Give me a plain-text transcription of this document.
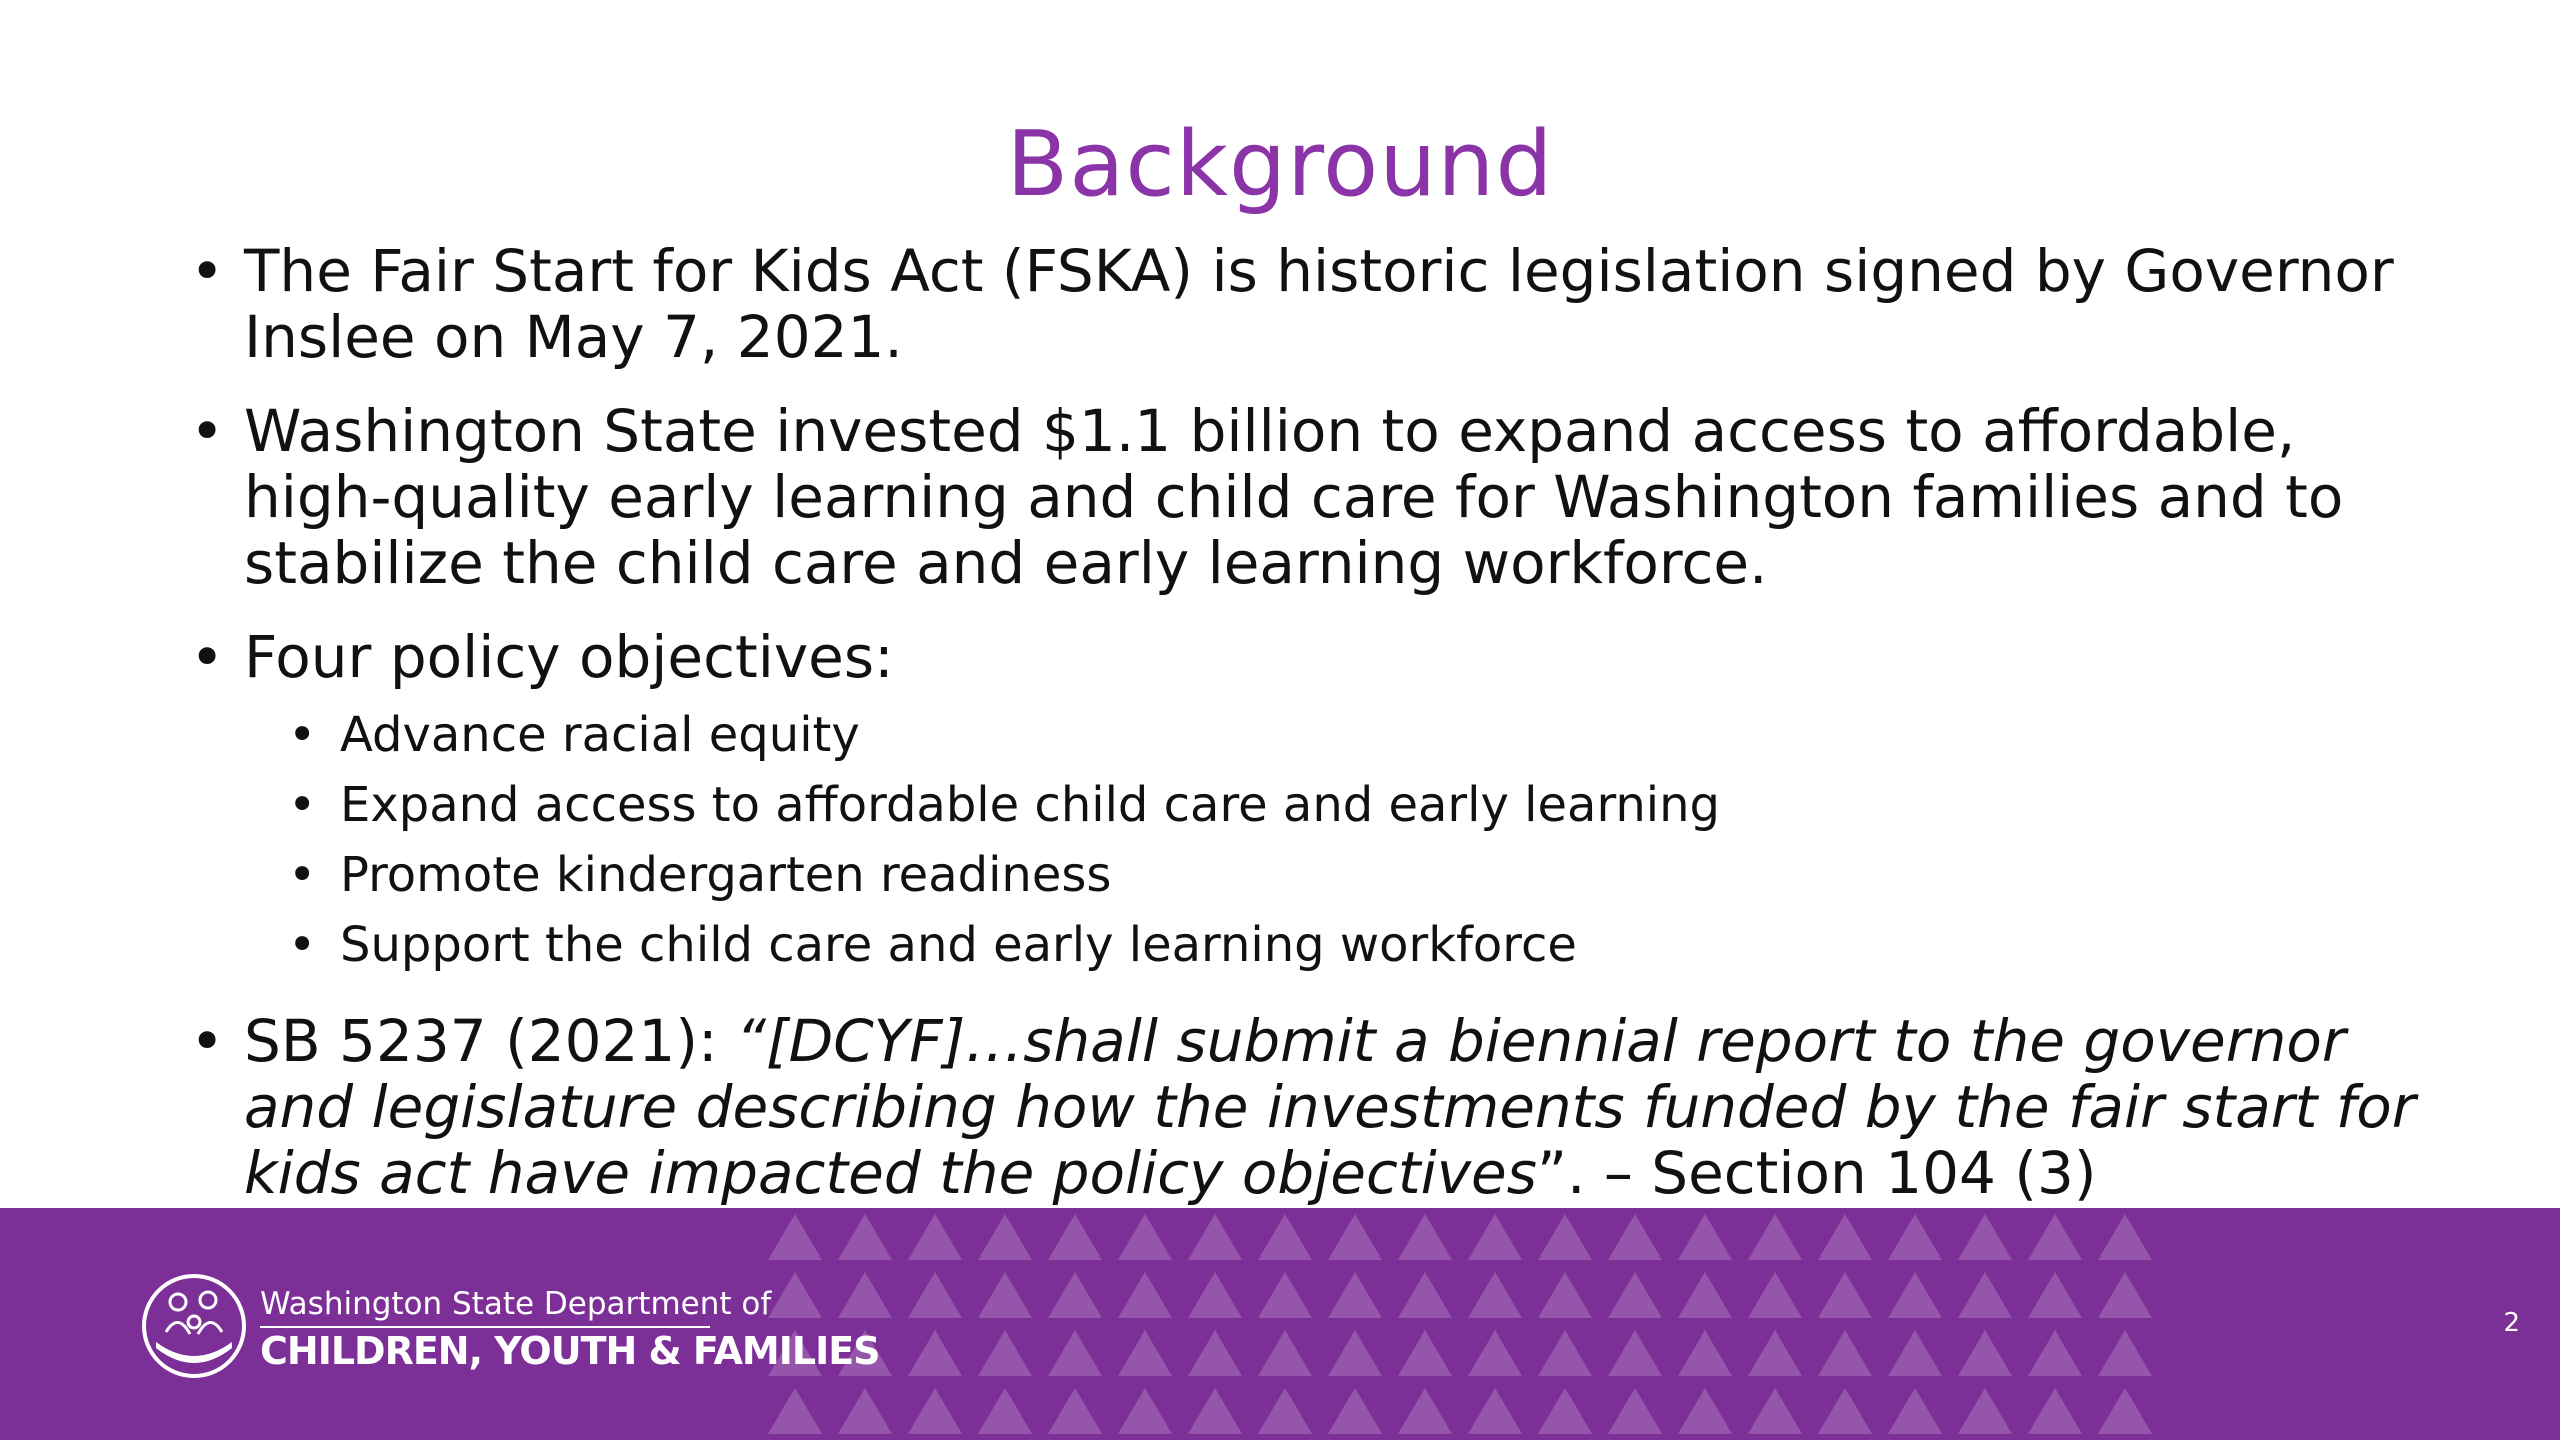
Background
• The Fair Start for Kids Act (FSKA) is historic legislation signed by Governor Inslee on May 7, 2021.
• Washington State invested $1.1 billion to expand access to affordable, high-quality early learning and child care for Washington families and to stabilize the child care and early learning workforce.
• Four policy objectives:
• Advance racial equity
• Expand access to affordable child care and early learning
• Promote kindergarten readiness
• Support the child care and early learning workforce
• SB 5237 (2021): “[DCYF]…shall submit a biennial report to the governor and legislature describing how the investments funded by the fair start for kids act have impacted the policy objectives”. – Section 104 (3)
Washington State Department of
CHILDREN, YOUTH & FAMILIES
2
